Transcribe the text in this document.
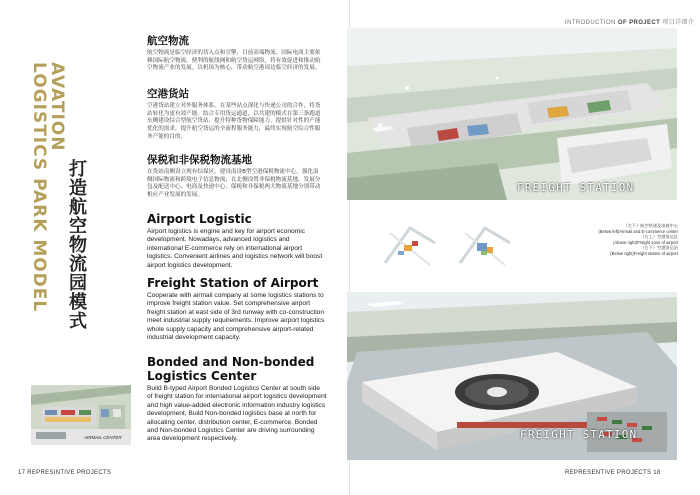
AVATION
LOGISTICS PARK MODEL 打造航空物流园模式
航空物流

航空物流是临空经济的切入点和引擎，目前高端物流、国际电商主要依赖国际航空物流。便利的航线网和航空货运网络，将有效促进和推动航空物流产业的发展。以机场为核心，带动航空港周边临空经济的发展。

空港货站

空港货站建立对外服务体系，在某些站点深化与快递公司的合作，将货站转化为更有效产能。结合专用货运通道，以共建的模式在第三条跑道东侧建设综合型航空货站，提升特种货物保障能力，提供针对性的产能优化的需求，提升航空货运的全流程服务能力，最终实现航空综合性服务产能的目的。

保税和非保税物流基地

在货站南侧设立现有综保区，建设南设B型空港保税物流中心，强化南侧国际物流和跨境电子信息物流；在北侧设置非保税物流基地，发展分包及配送中心、电商及快递中心。保税和非保税两大物流基地分别带动相应产业发展的发展。

Airport Logistic

Airport logistics is engine and key for airport economic development. Nowadays, advanced logistics and international E-commerce rely on international airport logistics. Convenient airlines and logistics network will boost airport logistics development.

Freight Station of Airport

Cooperate with airmail company at some logistics stations to improve freight station value. Set comprehensive airport freight station at east side of 3rd runway with co-construction meet industrial supply requirements. Improve airport logistics whole supply capacity and comprehensive airport-related industrial development capacity.

Bonded and Non-bonded Logistics Center

Build B-typed Airport Bonded Logistics Center at south side of freight station for international airport logistics development and high value-added electronic information industry logistics development; Build Non-bonded logistics base at north for allocating center, distribution center, E-commerce. Bonded and Non-bonded Logistics Center are driving surrounding area development respectively.

AIRMAIL CENTER
17 REPRESINTIVE PROJECTS
INTRODUCTION OF PROJECT 项目详细介
FREIGHT STATION
（左下）航空快递及电商中心
(Below left)Airmail and E-commerce center
（右上）空港货运区
(Above right)Freight zone of airport
（右下）空港货运站
(Below right)Freight station of airport
FREIGHT STATION
REPRESENTIVE PROJECTS 18
